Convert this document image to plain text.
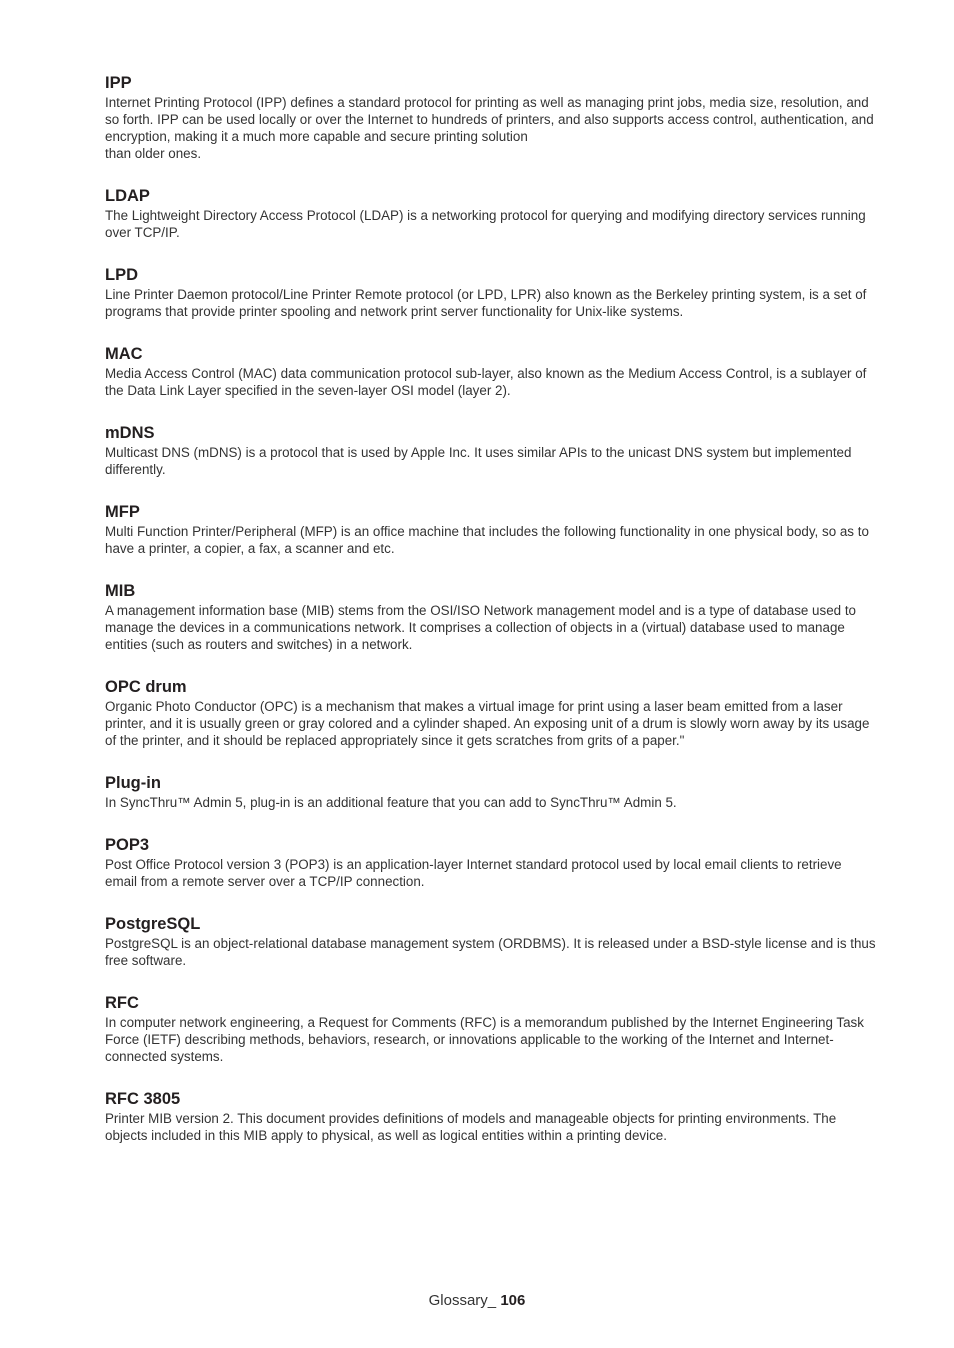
IPP

Internet Printing Protocol (IPP) defines a standard protocol for printing as well as managing print jobs, media size, resolution, and so forth. IPP can be used locally or over the Internet to hundreds of printers, and also supports access control, authentication, and encryption, making it a much more capable and secure printing solution
than older ones.

LDAP

The Lightweight Directory Access Protocol (LDAP) is a networking protocol for querying and modifying directory services running over TCP/IP.

LPD

Line Printer Daemon protocol/Line Printer Remote protocol (or LPD, LPR) also known as the Berkeley printing system, is a set of programs that provide printer spooling and network print server functionality for Unix-like systems.

MAC

Media Access Control (MAC) data communication protocol sub-layer, also known as the Medium Access Control, is a sublayer of the Data Link Layer specified in the seven-layer OSI model (layer 2).

mDNS

Multicast DNS (mDNS) is a protocol that is used by Apple Inc. It uses similar APIs to the unicast DNS system but implemented differently.

MFP

Multi Function Printer/Peripheral (MFP) is an office machine that includes the following functionality in one physical body, so as to have a printer, a copier, a fax, a scanner and etc.

MIB

A management information base (MIB) stems from the OSI/ISO Network management model and is a type of database used to manage the devices in a communications network. It comprises a collection of objects in a (virtual) database used to manage entities (such as routers and switches) in a network.

OPC drum

Organic Photo Conductor (OPC) is a mechanism that makes a virtual image for print using a laser beam emitted from a laser printer, and it is usually green or gray colored and a cylinder shaped. An exposing unit of a drum is slowly worn away by its usage of the printer, and it should be replaced appropriately since it gets scratches from grits of a paper."

Plug-in

In SyncThru™ Admin 5, plug-in is an additional feature that you can add to SyncThru™ Admin 5.

POP3

Post Office Protocol version 3 (POP3) is an application-layer Internet standard protocol used by local email clients to retrieve email from a remote server over a TCP/IP connection.

PostgreSQL

PostgreSQL is an object-relational database management system (ORDBMS). It is released under a BSD-style license and is thus free software.

RFC

In computer network engineering, a Request for Comments (RFC) is a memorandum published by the Internet Engineering Task Force (IETF) describing methods, behaviors, research, or innovations applicable to the working of the Internet and Internet-connected systems.

RFC 3805

Printer MIB version 2. This document provides definitions of models and manageable objects for printing environments. The objects included in this MIB apply to physical, as well as logical entities within a printing device.

Glossary_ 106
